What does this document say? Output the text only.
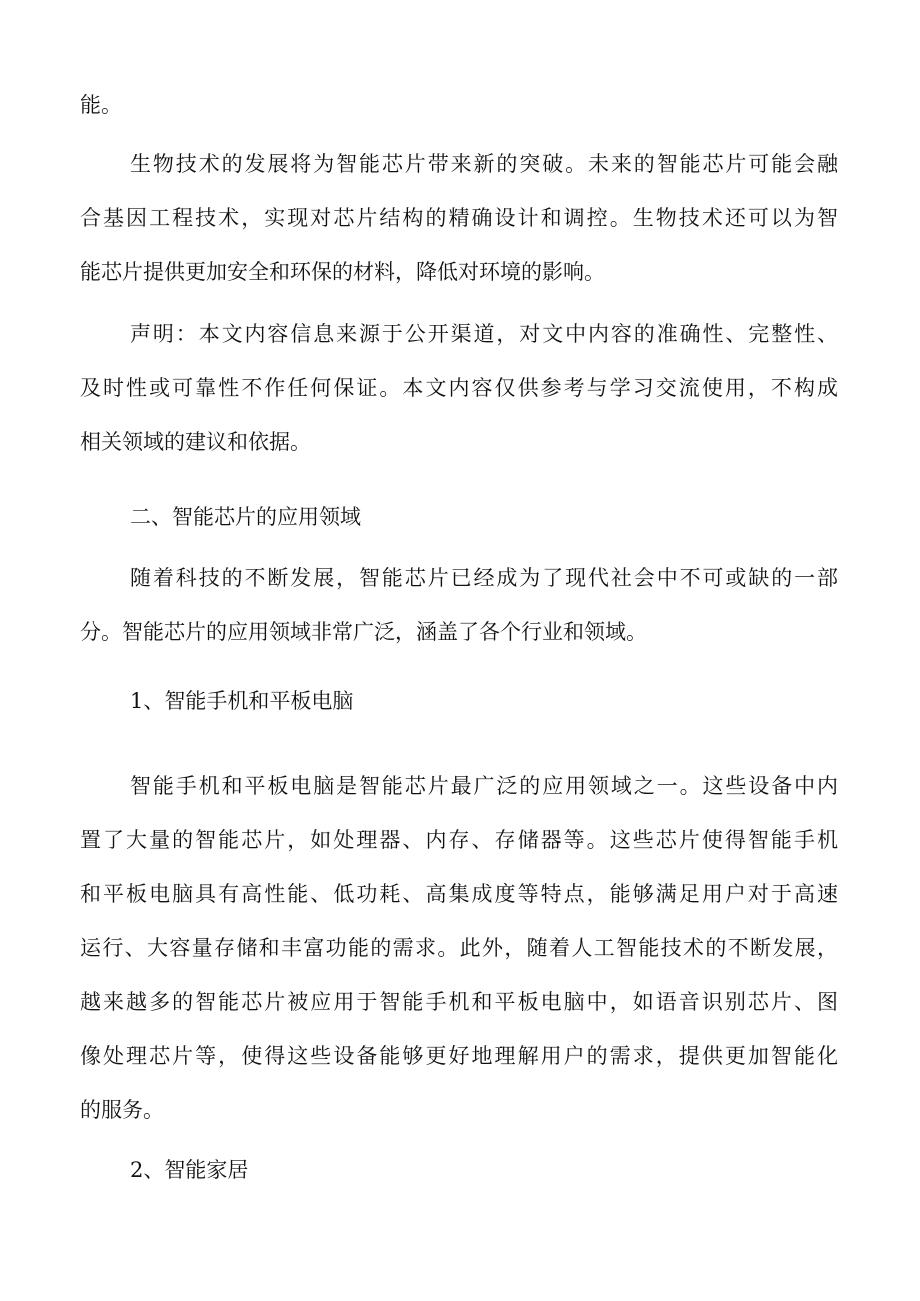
能。
生物技术的发展将为智能芯片带来新的突破。未来的智能芯片可能会融
合基因工程技术，实现对芯片结构的精确设计和调控。生物技术还可以为智
能芯片提供更加安全和环保的材料，降低对环境的影响。
声明：本文内容信息来源于公开渠道，对文中内容的准确性、完整性、
及时性或可靠性不作任何保证。本文内容仅供参考与学习交流使用，不构成
相关领域的建议和依据。
二、智能芯片的应用领域
随着科技的不断发展，智能芯片已经成为了现代社会中不可或缺的一部
分。智能芯片的应用领域非常广泛，涵盖了各个行业和领域。
1、智能手机和平板电脑
智能手机和平板电脑是智能芯片最广泛的应用领域之一。这些设备中内
置了大量的智能芯片，如处理器、内存、存储器等。这些芯片使得智能手机
和平板电脑具有高性能、低功耗、高集成度等特点，能够满足用户对于高速
运行、大容量存储和丰富功能的需求。此外，随着人工智能技术的不断发展，
越来越多的智能芯片被应用于智能手机和平板电脑中，如语音识别芯片、图
像处理芯片等，使得这些设备能够更好地理解用户的需求，提供更加智能化
的服务。
2、智能家居
